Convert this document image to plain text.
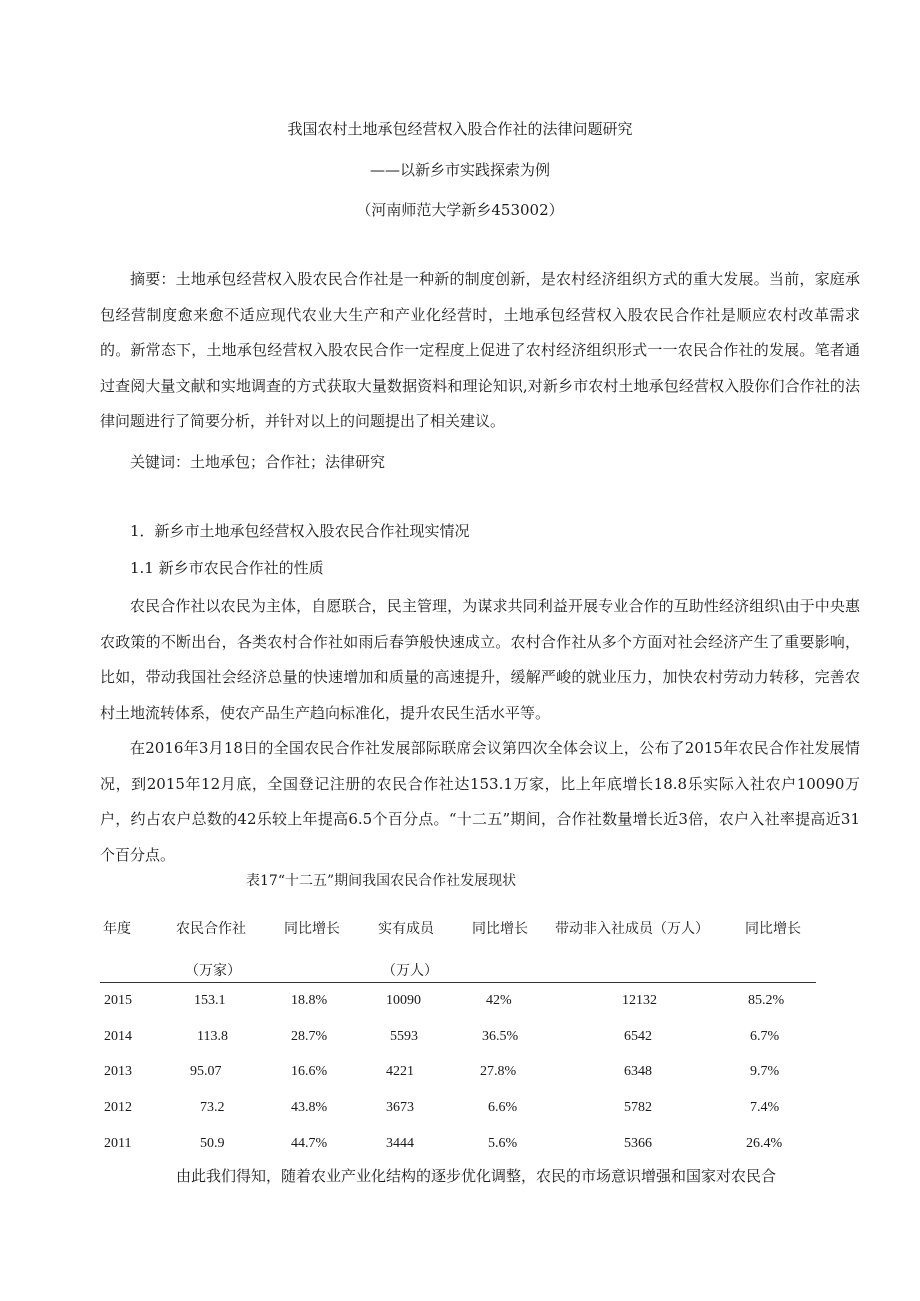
我国农村土地承包经营权入股合作社的法律问题研究
——以新乡市实践探索为例
（河南师范大学新乡453002）

摘要：土地承包经营权入股农民合作社是一种新的制度创新，是农村经济组织方式的重大发展。当前，家庭承包经营制度愈来愈不适应现代农业大生产和产业化经营时，土地承包经营权入股农民合作社是顺应农村改革需求的。新常态下，土地承包经营权入股农民合作一定程度上促进了农村经济组织形式一一农民合作社的发展。笔者通过查阅大量文献和实地调查的方式获取大量数据资料和理论知识,对新乡市农村土地承包经营权入股你们合作社的法律问题进行了简要分析，并针对以上的问题提出了相关建议。

关键词：土地承包；合作社；法律研究
1．新乡市土地承包经营权入股农民合作社现实情况
1.1 新乡市农民合作社的性质

农民合作社以农民为主体，自愿联合，民主管理，为谋求共同利益开展专业合作的互助性经济组织\由于中央惠农政策的不断出台，各类农村合作社如雨后春笋般快速成立。农村合作社从多个方面对社会经济产生了重要影响，比如，带动我国社会经济总量的快速增加和质量的高速提升，缓解严峻的就业压力，加快农村劳动力转移，完善农村土地流转体系，使农产品生产趋向标准化，提升农民生活水平等。

在2016年3月18日的全国农民合作社发展部际联席会议第四次全体会议上，公布了2015年农民合作社发展情况，到2015年12月底，全国登记注册的农民合作社达153.1万家，比上年底增长18.8乐实际入社农户10090万户，约占农户总数的42乐较上年提高6.5个百分点。“十二五”期间，合作社数量增长近3倍，农户入社率提高近31个百分点。

表17“十二五”期间我国农民合作社发展现状
年度	农民合作社	同比增长	实有成员	同比增长 带动非入社成员（万人）	同比增长
（万家）	（万人）
2015	153.1	18.8%	10090	42%	12132	85.2%
2014	113.8	28.7%	5593	36.5%	6542	6.7%
2013	95.07	16.6%	4221	27.8%	6348	9.7%
2012	73.2	43.8%	3673	6.6%	5782	7.4%
2011	50.9	44.7%	3444	5.6%	5366	26.4%
由此我们得知，随着农业产业化结构的逐步优化调整，农民的市场意识增强和国家对农民合
